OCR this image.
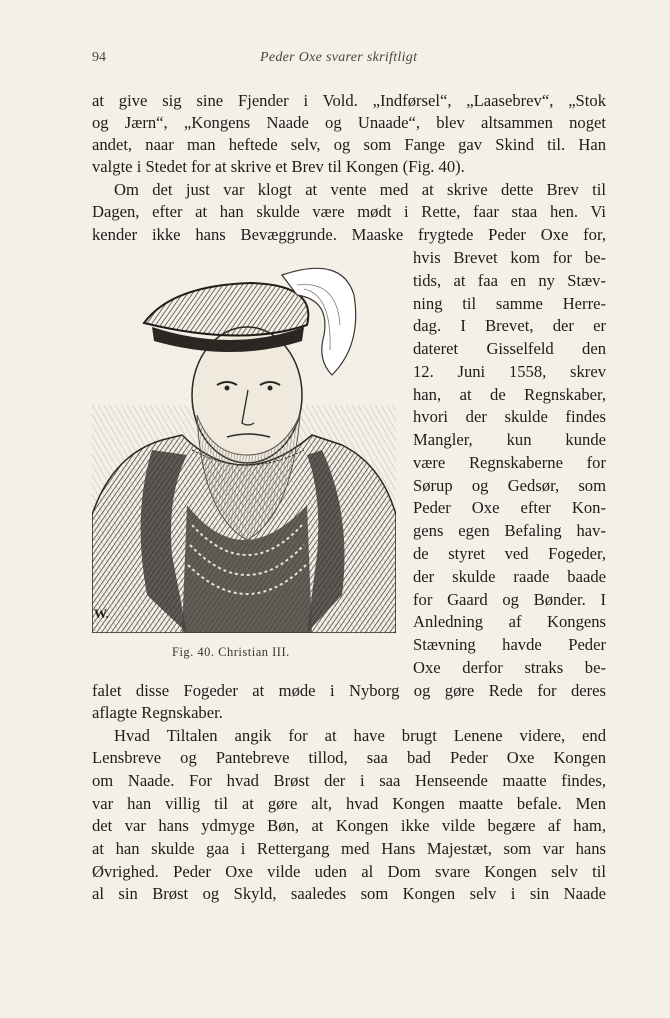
94	Peder Oxe svarer skriftligt
at give sig sine Fjender i Vold. „Indførsel“, „Laasebrev“, „Stok
og Jærn“, „Kongens Naade og Unaade“, blev altsammen noget
andet, naar man heftede selv, og som Fange gav Skind til. Han
valgte i Stedet for at skrive et Brev til Kongen (Fig. 40).
Om det just var klogt at vente med at skrive dette Brev til
Dagen, efter at han skulde være mødt i Rette, faar staa hen. Vi
kender ikke hans Bevæggrunde. Maaske frygtede Peder Oxe for,
W.
Fig. 40. Christian III.
hvis Brevet kom for be-
tids, at faa en ny Stæv-
ning til samme Herre-
dag. I Brevet, der er
dateret Gisselfeld den
12. Juni 1558, skrev
han, at de Regnskaber,
hvori der skulde findes
Mangler, kun kunde
være Regnskaberne for
Sørup og Gedsør, som
Peder Oxe efter Kon-
gens egen Befaling hav-
de styret ved Fogeder,
der skulde raade baade
for Gaard og Bønder. I
Anledning af Kongens
Stævning havde Peder
Oxe derfor straks be-
falet disse Fogeder at møde i Nyborg og gøre Rede for deres
aflagte Regnskaber.
Hvad Tiltalen angik for at have brugt Lenene videre, end
Lensbreve og Pantebreve tillod, saa bad Peder Oxe Kongen
om Naade. For hvad Brøst der i saa Henseende maatte findes,
var han villig til at gøre alt, hvad Kongen maatte befale. Men
det var hans ydmyge Bøn, at Kongen ikke vilde begære af ham,
at han skulde gaa i Rettergang med Hans Majestæt, som var hans
Øvrighed. Peder Oxe vilde uden al Dom svare Kongen selv til
al sin Brøst og Skyld, saaledes som Kongen selv i sin Naade
